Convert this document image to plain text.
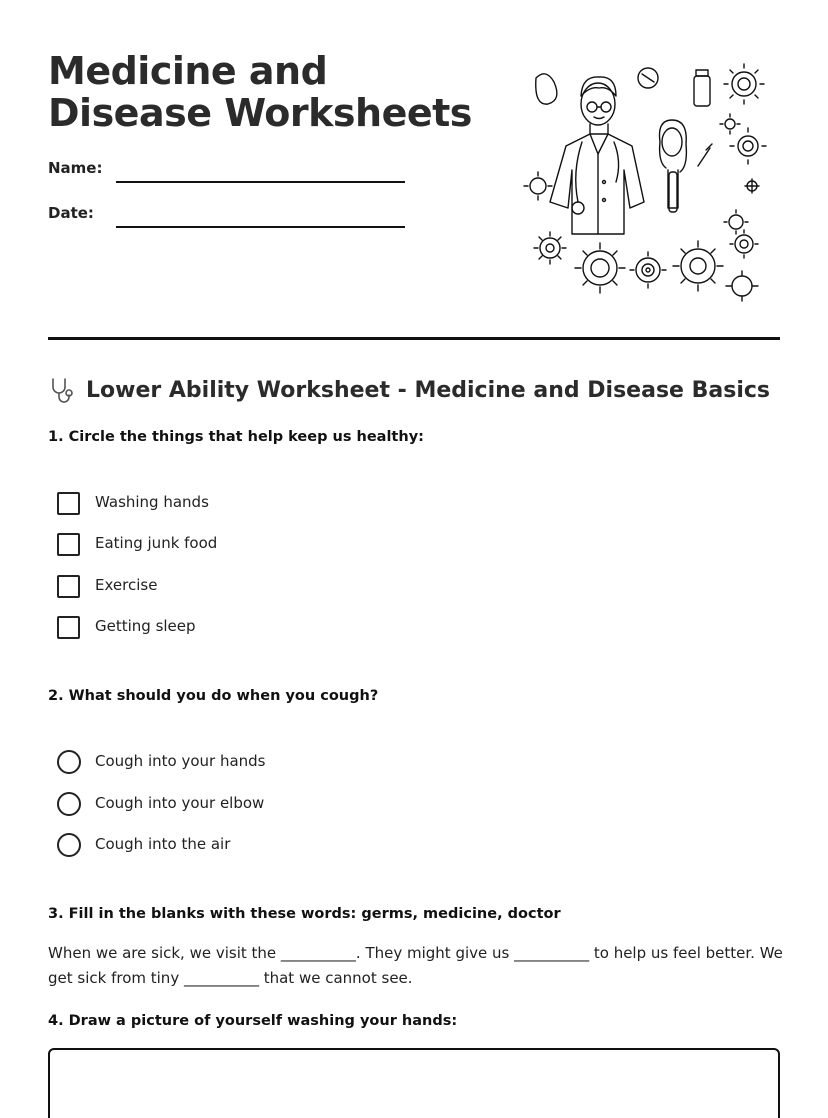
Medicine and Disease Worksheets
Name:
Date:
Lower Ability Worksheet - Medicine and Disease Basics
1. Circle the things that help keep us healthy:
Washing hands
Eating junk food
Exercise
Getting sleep
2. What should you do when you cough?
Cough into your hands
Cough into your elbow
Cough into the air
3. Fill in the blanks with these words: germs, medicine, doctor
When we are sick, we visit the __________. They might give us __________ to help us feel better. We get sick from tiny __________ that we cannot see.
4. Draw a picture of yourself washing your hands:
